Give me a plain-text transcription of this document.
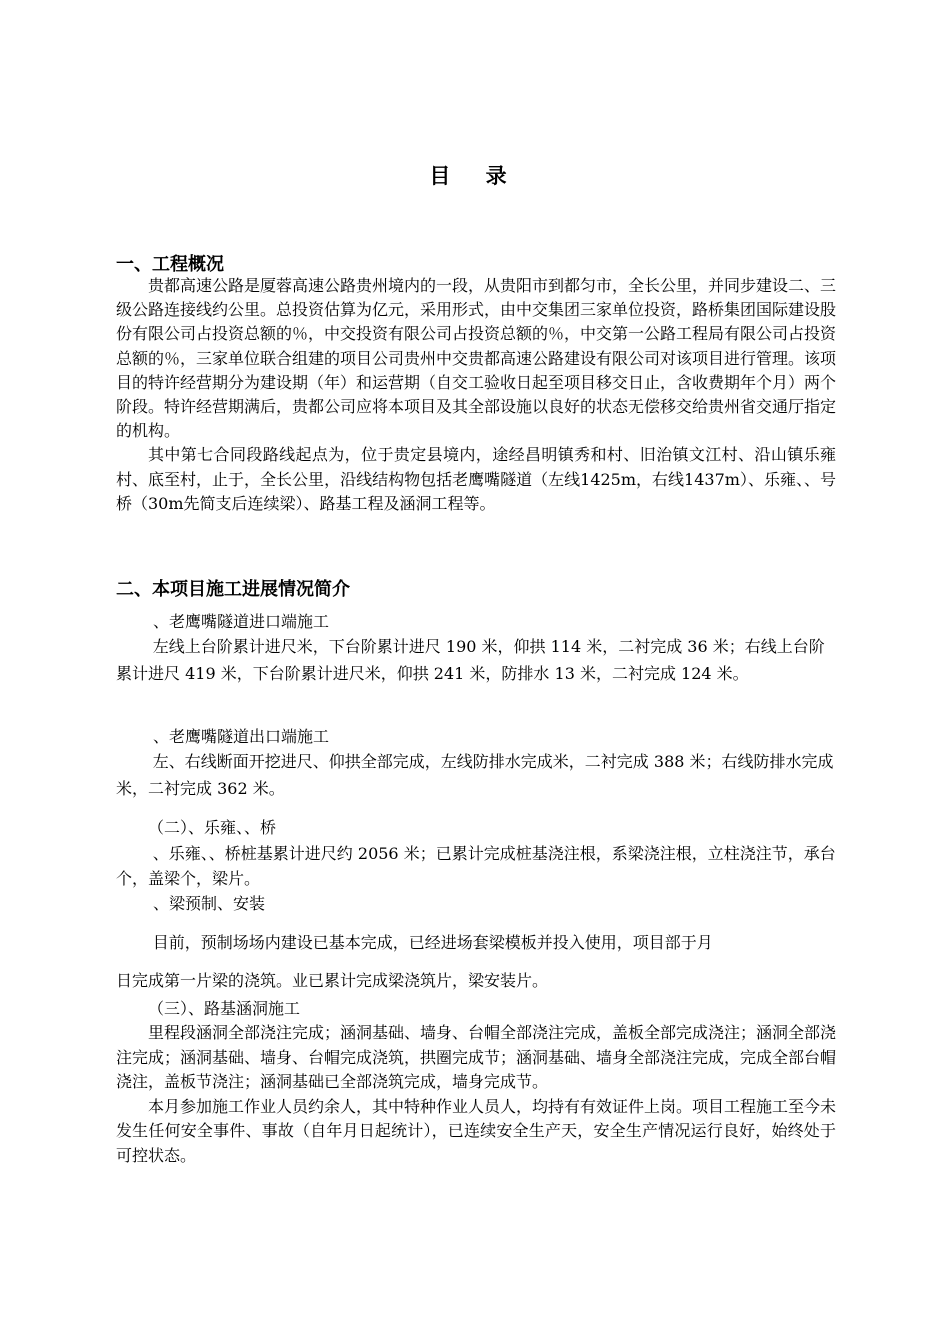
目 录
一、工程概况

贵都高速公路是厦蓉高速公路贵州境内的一段，从贵阳市到都匀市，全长公里，并同步建设二、三级公路连接线约公里。总投资估算为亿元，采用形式，由中交集团三家单位投资，路桥集团国际建设股份有限公司占投资总额的％，中交投资有限公司占投资总额的％，中交第一公路工程局有限公司占投资总额的％，三家单位联合组建的项目公司贵州中交贵都高速公路建设有限公司对该项目进行管理。该项目的特许经营期分为建设期（年）和运营期（自交工验收日起至项目移交日止，含收费期年个月）两个阶段。特许经营期满后，贵都公司应将本项目及其全部设施以良好的状态无偿移交给贵州省交通厅指定的机构。

其中第七合同段路线起点为，位于贵定县境内，途经昌明镇秀和村、旧治镇文江村、沿山镇乐雍村、底至村，止于，全长公里，沿线结构物包括老鹰嘴隧道（左线1425m，右线1437m）、乐雍、、号桥（30m先简支后连续梁）、路基工程及涵洞工程等。

二、本项目施工进展情况简介
、老鹰嘴隧道进口端施工

左线上台阶累计进尺米，下台阶累计进尺 190 米，仰拱 114 米，二衬完成 36 米；右线上台阶累计进尺 419 米，下台阶累计进尺米，仰拱 241 米，防排水 13 米，二衬完成 124 米。

、老鹰嘴隧道出口端施工

左、右线断面开挖进尺、仰拱全部完成，左线防排水完成米，二衬完成 388 米；右线防排水完成米，二衬完成 362 米。

（二）、乐雍、、桥

、乐雍、、桥桩基累计进尺约 2056 米；已累计完成桩基浇注根，系梁浇注根，立柱浇注节，承台个，盖梁个，梁片。

、梁预制、安装

目前，预制场场内建设已基本完成，已经进场套梁模板并投入使用，项目部于月

日完成第一片梁的浇筑。业已累计完成梁浇筑片，梁安装片。
（三）、路基涵洞施工

里程段涵洞全部浇注完成；涵洞基础、墙身、台帽全部浇注完成，盖板全部完成浇注；涵洞全部浇注完成；涵洞基础、墙身、台帽完成浇筑，拱圈完成节；涵洞基础、墙身全部浇注完成，完成全部台帽浇注，盖板节浇注；涵洞基础已全部浇筑完成，墙身完成节。

本月参加施工作业人员约余人，其中特种作业人员人，均持有有效证件上岗。项目工程施工至今未发生任何安全事件、事故（自年月日起统计），已连续安全生产天，安全生产情况运行良好，始终处于可控状态。
